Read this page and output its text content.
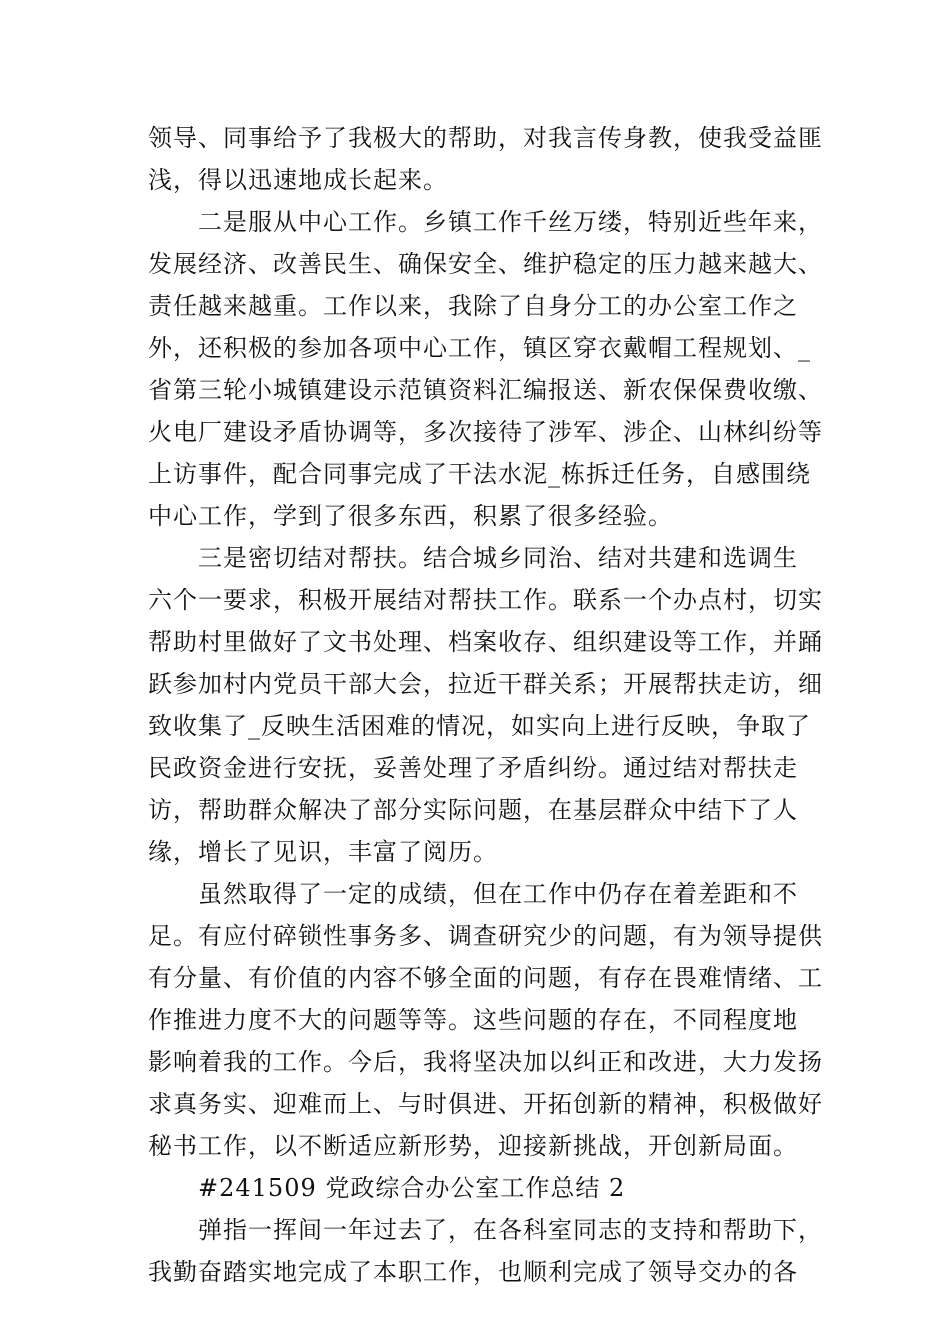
领导、同事给予了我极大的帮助，对我言传身教，使我受益匪
浅，得以迅速地成长起来。
二是服从中心工作。乡镇工作千丝万缕，特别近些年来，
发展经济、改善民生、确保安全、维护稳定的压力越来越大、
责任越来越重。工作以来，我除了自身分工的办公室工作之
外，还积极的参加各项中心工作，镇区穿衣戴帽工程规划、_
省第三轮小城镇建设示范镇资料汇编报送、新农保保费收缴、
火电厂建设矛盾协调等，多次接待了涉军、涉企、山林纠纷等
上访事件，配合同事完成了干法水泥_栋拆迁任务，自感围绕
中心工作，学到了很多东西，积累了很多经验。
三是密切结对帮扶。结合城乡同治、结对共建和选调生
六个一要求，积极开展结对帮扶工作。联系一个办点村，切实
帮助村里做好了文书处理、档案收存、组织建设等工作，并踊
跃参加村内党员干部大会，拉近干群关系；开展帮扶走访，细
致收集了_反映生活困难的情况，如实向上进行反映，争取了
民政资金进行安抚，妥善处理了矛盾纠纷。通过结对帮扶走
访，帮助群众解决了部分实际问题，在基层群众中结下了人
缘，增长了见识，丰富了阅历。
虽然取得了一定的成绩，但在工作中仍存在着差距和不
足。有应付碎锁性事务多、调查研究少的问题，有为领导提供
有分量、有价值的内容不够全面的问题，有存在畏难情绪、工
作推进力度不大的问题等等。这些问题的存在，不同程度地
影响着我的工作。今后，我将坚决加以纠正和改进，大力发扬
求真务实、迎难而上、与时俱进、开拓创新的精神，积极做好
秘书工作，以不断适应新形势，迎接新挑战，开创新局面。
#241509 党政综合办公室工作总结 2
弹指一挥间一年过去了，在各科室同志的支持和帮助下，
我勤奋踏实地完成了本职工作，也顺利完成了领导交办的各
